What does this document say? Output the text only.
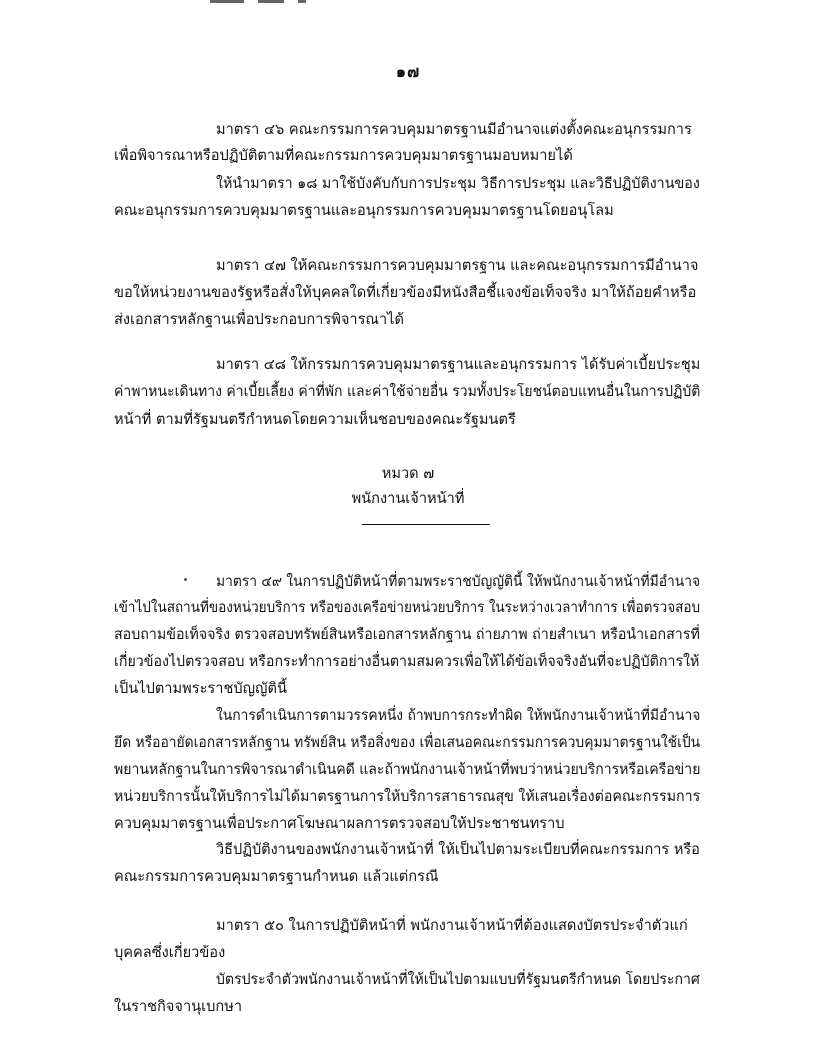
๑๗
มาตรา ๔๖ คณะกรรมการควบคุมมาตรฐานมีอำนาจแต่งตั้งคณะอนุกรรมการ
เพื่อพิจารณาหรือปฏิบัติตามที่คณะกรรมการควบคุมมาตรฐานมอบหมายได้
ให้นำมาตรา ๑๘ มาใช้บังคับกับการประชุม วิธีการประชุม และวิธีปฏิบัติงานของ
คณะอนุกรรมการควบคุมมาตรฐานและอนุกรรมการควบคุมมาตรฐานโดยอนุโลม
มาตรา ๔๗ ให้คณะกรรมการควบคุมมาตรฐาน และคณะอนุกรรมการมีอำนาจ
ขอให้หน่วยงานของรัฐหรือสั่งให้บุคคลใดที่เกี่ยวข้องมีหนังสือชี้แจงข้อเท็จจริง มาให้ถ้อยคำหรือ
ส่งเอกสารหลักฐานเพื่อประกอบการพิจารณาได้
มาตรา ๔๘ ให้กรรมการควบคุมมาตรฐานและอนุกรรมการ ได้รับค่าเบี้ยประชุม
ค่าพาหนะเดินทาง ค่าเบี้ยเลี้ยง ค่าที่พัก และค่าใช้จ่ายอื่น รวมทั้งประโยชน์ตอบแทนอื่นในการปฏิบัติ
หน้าที่ ตามที่รัฐมนตรีกำหนดโดยความเห็นชอบของคณะรัฐมนตรี
หมวด ๗
พนักงานเจ้าหน้าที่
มาตรา ๔๙ ในการปฏิบัติหน้าที่ตามพระราชบัญญัตินี้ ให้พนักงานเจ้าหน้าที่มีอำนาจ
เข้าไปในสถานที่ของหน่วยบริการ หรือของเครือข่ายหน่วยบริการ ในระหว่างเวลาทำการ เพื่อตรวจสอบ
สอบถามข้อเท็จจริง ตรวจสอบทรัพย์สินหรือเอกสารหลักฐาน ถ่ายภาพ ถ่ายสำเนา หรือนำเอกสารที่
เกี่ยวข้องไปตรวจสอบ หรือกระทำการอย่างอื่นตามสมควรเพื่อให้ได้ข้อเท็จจริงอันที่จะปฏิบัติการให้
เป็นไปตามพระราชบัญญัตินี้
ในการดำเนินการตามวรรคหนึ่ง ถ้าพบการกระทำผิด ให้พนักงานเจ้าหน้าที่มีอำนาจ
ยึด หรืออายัดเอกสารหลักฐาน ทรัพย์สิน หรือสิ่งของ เพื่อเสนอคณะกรรมการควบคุมมาตรฐานใช้เป็น
พยานหลักฐานในการพิจารณาดำเนินคดี และถ้าพนักงานเจ้าหน้าที่พบว่าหน่วยบริการหรือเครือข่าย
หน่วยบริการนั้นให้บริการไม่ได้มาตรฐานการให้บริการสาธารณสุข ให้เสนอเรื่องต่อคณะกรรมการ
ควบคุมมาตรฐานเพื่อประกาศโฆษณาผลการตรวจสอบให้ประชาชนทราบ
วิธีปฏิบัติงานของพนักงานเจ้าหน้าที่ ให้เป็นไปตามระเบียบที่คณะกรรมการ หรือ
คณะกรรมการควบคุมมาตรฐานกำหนด แล้วแต่กรณี
มาตรา ๕๐ ในการปฏิบัติหน้าที่ พนักงานเจ้าหน้าที่ต้องแสดงบัตรประจำตัวแก่
บุคคลซึ่งเกี่ยวข้อง
บัตรประจำตัวพนักงานเจ้าหน้าที่ให้เป็นไปตามแบบที่รัฐมนตรีกำหนด โดยประกาศ
ในราชกิจจานุเบกษา
